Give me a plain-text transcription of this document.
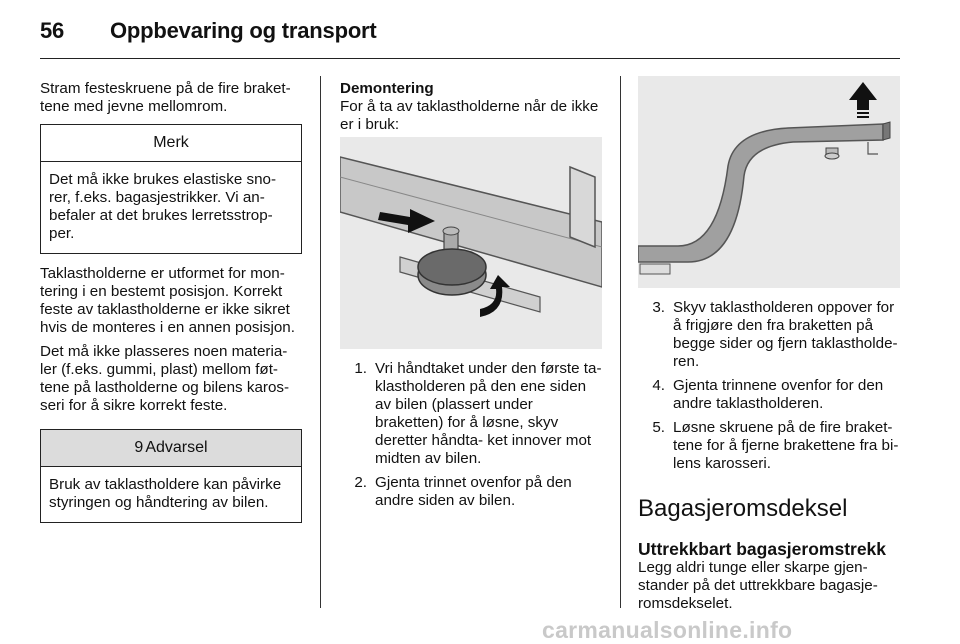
56 Oppbevaring og transport

Stram festeskruene på de fire braket- tene med jevne mellomrom.

Merk
Det må ikke brukes elastiske sno- rer, f.eks. bagasjestrikker. Vi an- befaler at det brukes lerretsstrop- per.

Taklastholderne er utformet for mon- tering i en bestemt posisjon. Korrekt feste av taklastholderne er ikke sikret hvis de monteres i en annen posisjon.

Det må ikke plasseres noen materia- ler (f.eks. gummi, plast) mellom føt- tene på lastholderne og bilens karos- seri for å sikre korrekt feste.

9 Advarsel
Bruk av taklastholdere kan påvirke styringen og håndtering av bilen.

Demontering

For å ta av taklastholderne når de ikke er i bruk:

1. Vri håndtaket under den første ta- klastholderen på den ene siden av bilen (plassert under braketten) for å løsne, skyv deretter håndta- ket innover mot midten av bilen.
2. Gjenta trinnet ovenfor på den andre siden av bilen.
3. Skyv taklastholderen oppover for å frigjøre den fra braketten på begge sider og fjern taklastholde- ren.
4. Gjenta trinnene ovenfor for den andre taklastholderen.
5. Løsne skruene på de fire braket- tene for å fjerne brakettene fra bi- lens karosseri.
Bagasjeromsdeksel
Uttrekkbart bagasjeromstrekk

Legg aldri tunge eller skarpe gjen- stander på det uttrekkbare bagasje- romsdekselet.

carmanualsonline.info
